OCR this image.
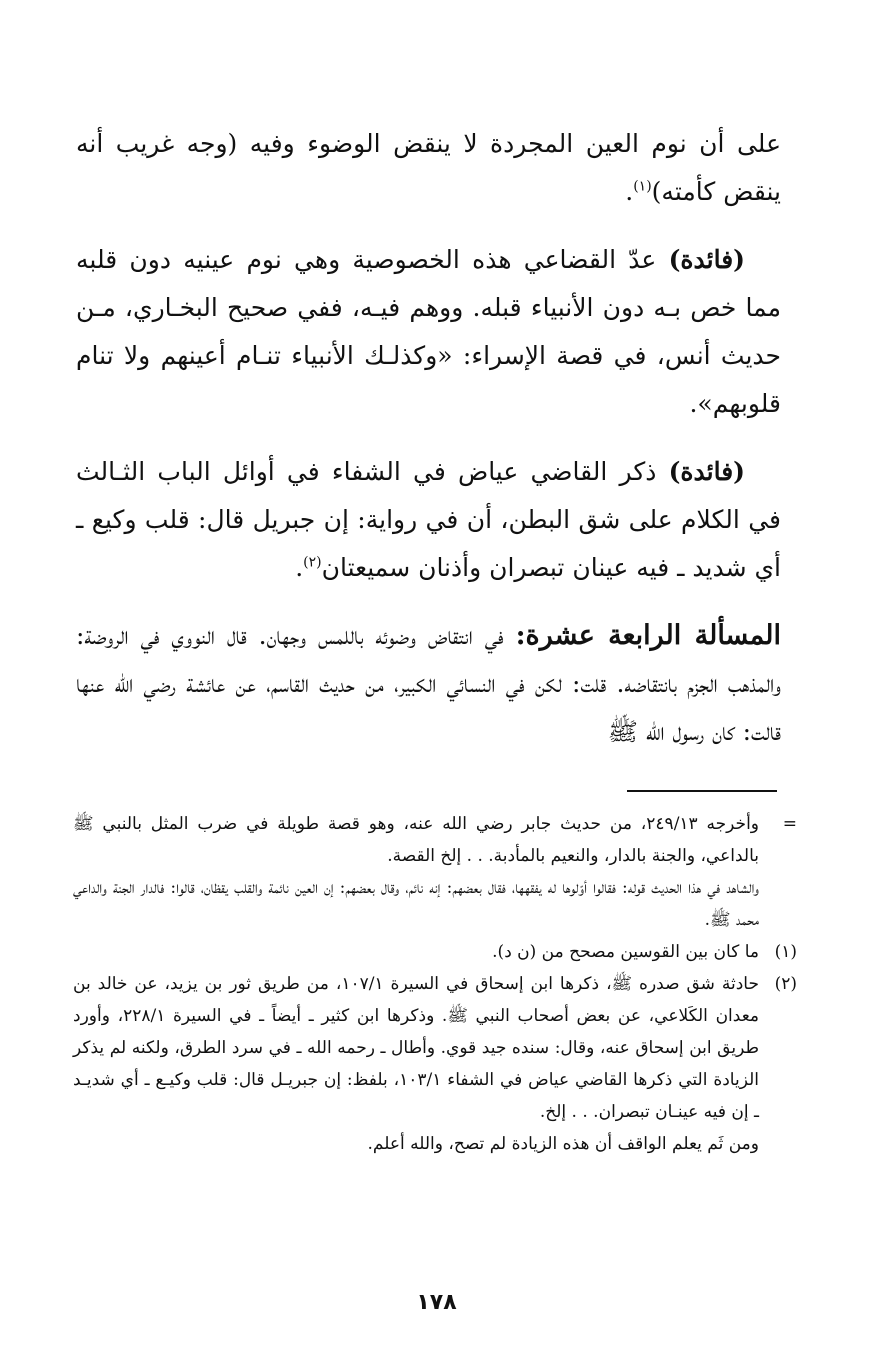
على أن نوم العين المجردة لا ينقض الوضوء وفيه (وجه غريب أنه ينقض كأمته)$^{(١)}$.

(فائدة) عدّ القضاعي هذه الخصوصية وهي نوم عينيه دون قلبه مما خص بـه دون الأنبياء قبله. ووهم فيـه، ففي صحيح البخـاري، مـن حديث أنس، في قصة الإسراء: «وكذلـك الأنبياء تنـام أعينهم ولا تنام قلوبهم».

(فائدة) ذكر القاضي عياض في الشفاء في أوائل الباب الثـالث في الكلام على شق البطن، أن في رواية: إن جبريل قال: قلب وكيع ـ أي شديد ـ فيه عينان تبصران وأذنان سميعتان$^{(٢)}$.

المسألة الرابعة عشرة: في انتقاض وضوئه باللمس وجهان. قال النووي في الروضة: والمذهب الجزم بانتقاضه. قلت: لكن في النسائي الكبير، من حديث القاسم، عن عائشة رضي الله عنها قالت: كان رسول الله ﷺ

=
وأخرجه ٢٤٩/١٣، من حديث جابر رضي الله عنه، وهو قصة طويلة في ضرب المثل بالنبي ﷺ بالداعي، والجنة بالدار، والنعيم بالمأدبة. . . إلخ القصة.
والشاهد في هذا الحديث قوله: فقالوا أوّلوها له يفقهها، فقال بعضهم: إنه نائم، وقال بعضهم: إن العين نائمة والقلب يقظان، قالوا: فالدار الجنة والداعي محمد ﷺ.
(١)
ما كان بين القوسين مصحح من (ن د).
(٢)
حادثة شق صدره ﷺ، ذكرها ابن إسحاق في السيرة ١٠٧/١، من طريق ثور بن يزيد، عن خالد بن معدان الكَلاعي، عن بعض أصحاب النبي ﷺ. وذكرها ابن كثير ـ أيضاً ـ في السيرة ٢٢٨/١، وأورد طريق ابن إسحاق عنه، وقال: سنده جيد قوي. وأطال ـ رحمه الله ـ في سرد الطرق، ولكنه لم يذكر الزيادة التي ذكرها القاضي عياض في الشفاء ١٠٣/١، بلفظ: إن جبريـل قال: قلب وكيـع ـ أي شديـد ـ إن فيه عينـان تبصران. . . إلخ.
ومن ثَم يعلم الواقف أن هذه الزيادة لم تصح، والله أعلم.
١٧٨
